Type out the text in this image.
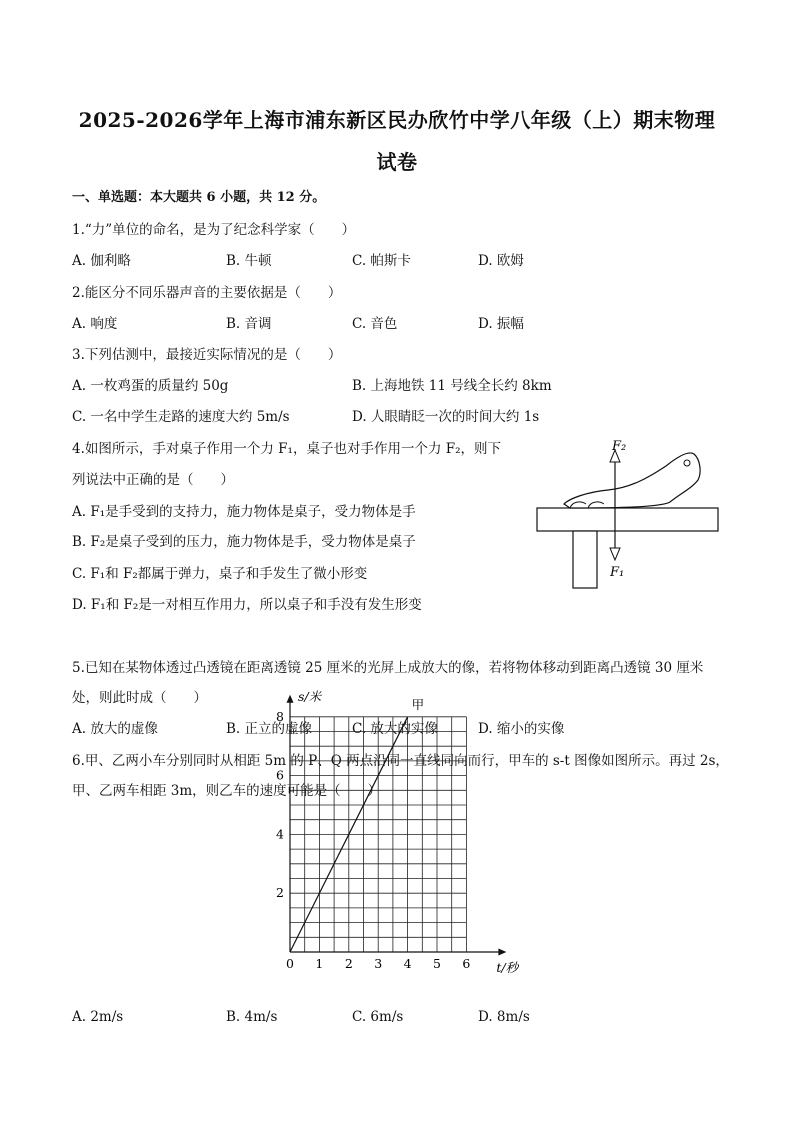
2025-2026学年上海市浦东新区民办欣竹中学八年级（上）期末物理
试卷
一、单选题：本大题共 6 小题，共 12 分。
1.“力”单位的命名，是为了纪念科学家（　　）
A. 伽利略	B. 牛顿	C. 帕斯卡	D. 欧姆
2.能区分不同乐器声音的主要依据是（　　）
A. 响度	B. 音调	C. 音色	D. 振幅
3.下列估测中，最接近实际情况的是（　　）
A. 一枚鸡蛋的质量约 50g	B. 上海地铁 11 号线全长约 8km
C. 一名中学生走路的速度大约 5m/s	D. 人眼睛眨一次的时间大约 1s
4.如图所示，手对桌子作用一个力 F₁，桌子也对手作用一个力 F₂，则下
列说法中正确的是（　　）
A. F₁是手受到的支持力，施力物体是桌子，受力物体是手
B. F₂是桌子受到的压力，施力物体是手，受力物体是桌子
C. F₁和 F₂都属于弹力，桌子和手发生了微小形变
D. F₁和 F₂是一对相互作用力，所以桌子和手没有发生形变
F₂
F₁
5.已知在某物体透过凸透镜在距离透镜 25 厘米的光屏上成放大的像，若将物体移动到距离凸透镜 30 厘米
处，则此时成（　　）
A. 放大的虚像	B. 正立的虚像	C. 放大的实像	D. 缩小的实像
6.甲、乙两小车分别同时从相距 5m 的 P、Q 两点沿同一直线同向而行，甲车的 s-t 图像如图所示。再过 2s，
甲、乙两车相距 3m，则乙车的速度可能是（　　）
0 1 2 3 4 5 6
2
4
6
8
s/米
t/秒
甲
A. 2m/s	B. 4m/s	C. 6m/s	D. 8m/s
